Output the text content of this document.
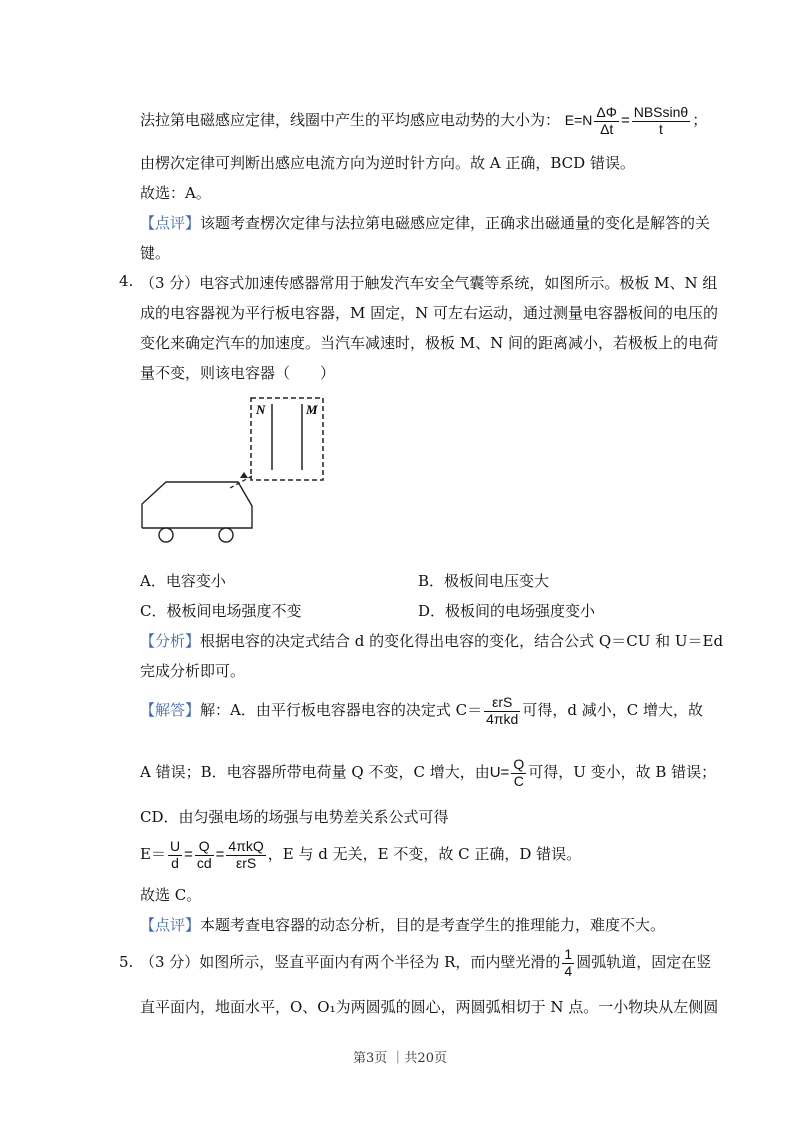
法拉第电磁感应定律，线圈中产生的平均感应电动势的大小为： $E=N \frac{\Delta\Phi}{\Delta t} = \frac{\text{NBSsinθ}}{t}$ ；
由楞次定律可判断出感应电流方向为逆时针方向。故 A 正确，BCD 错误。
故选：A。
【点评】该题考查楞次定律与法拉第电磁感应定律，正确求出磁通量的变化是解答的关
键。
4. （3 分）电容式加速传感器常用于触发汽车安全气囊等系统，如图所示。极板 M、N 组
成的电容器视为平行板电容器，M 固定，N 可左右运动，通过测量电容器板间的电压的
变化来确定汽车的加速度。当汽车减速时，极板 M、N 间的距离减小，若极板上的电荷
量不变，则该电容器（　　）
N	M
A．电容变小	B．极板间电压变大
C．极板间电场强度不变	D．极板间的电场强度变小
【分析】根据电容的决定式结合 d 的变化得出电容的变化，结合公式 Q＝CU 和 U＝Ed
完成分析即可。
【解答】解：A．由平行板电容器电容的决定式 $C= \frac{\text{εrS}}{\text{4πkd}}$ 可得，d 减小，C 增大，故
A 错误；B．电容器所带电荷量 Q 不变，C 增大，由$U= \frac{Q}{C}$ 可得，U 变小，故 B 错误；
CD．由匀强电场的场强与电势差关系公式可得
$E= \frac{U}{d} = \frac{Q}{cd} = \frac{\text{4πkQ}}{\text{εrS}}$ ，E 与 d 无关，E 不变，故 C 正确，D 错误。
故选 C。
【点评】本题考查电容器的动态分析，目的是考查学生的推理能力，难度不大。
5. （3 分）如图所示，竖直平面内有两个半径为 R，而内壁光滑的 $\frac{1}{4}$ 圆弧轨道，固定在竖
直平面内，地面水平，O、O₁为两圆弧的圆心，两圆弧相切于 N 点。一小物块从左侧圆
第3页 ｜共20页
